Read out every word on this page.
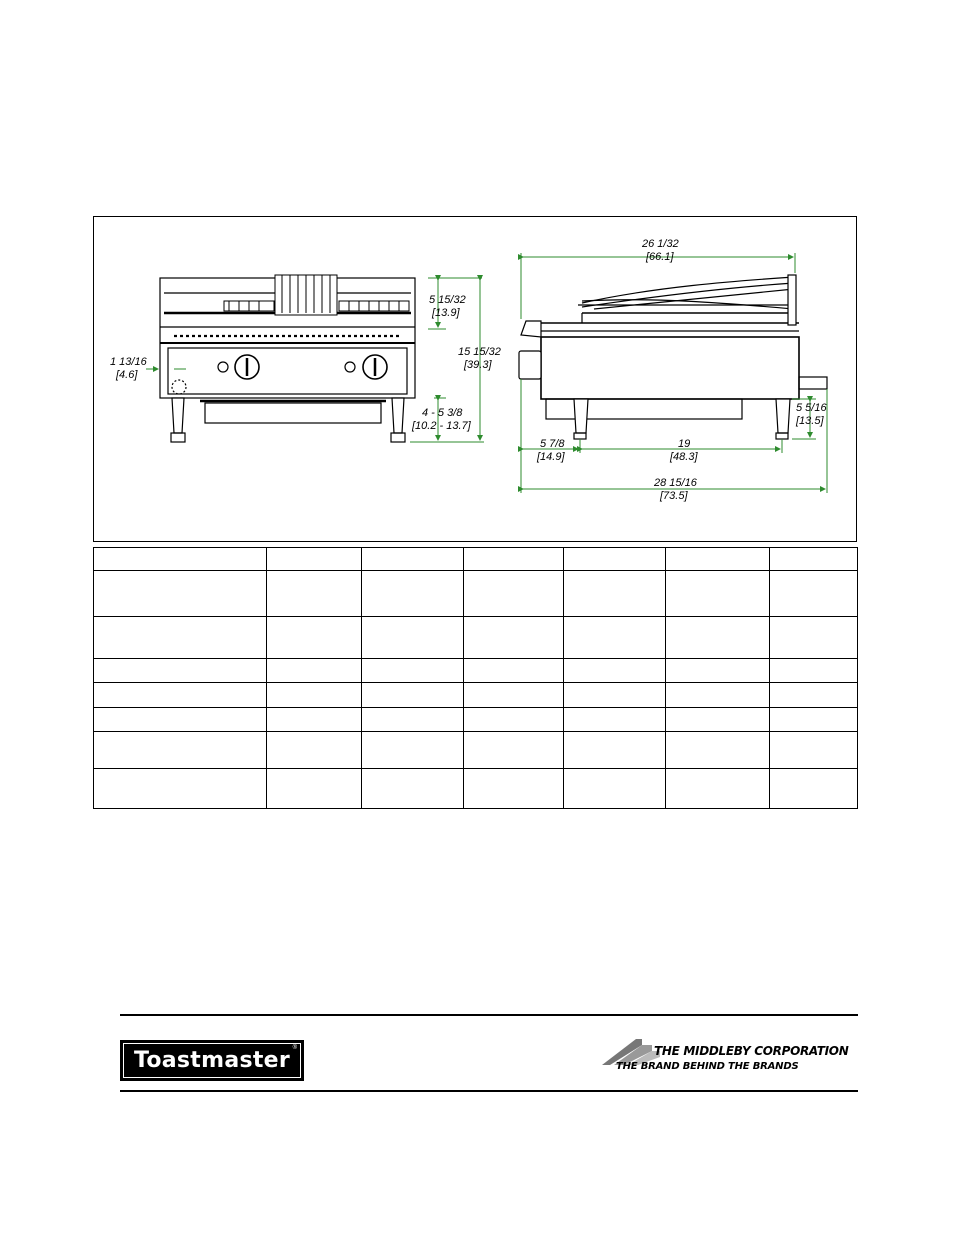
5 15/32
[13.9]
15 15/32
[39.3]
4 - 5 3/8
[10.2 - 13.7]
1 13/16
[4.6]
26 1/32
[66.1]
5 5/16
[13.5]
5 7/8
[14.9]
19
[48.3]
28 15/16
[73.5]

Toastmaster ®	THE MIDDLEBY CORPORATION
THE BRAND BEHIND THE BRANDS
